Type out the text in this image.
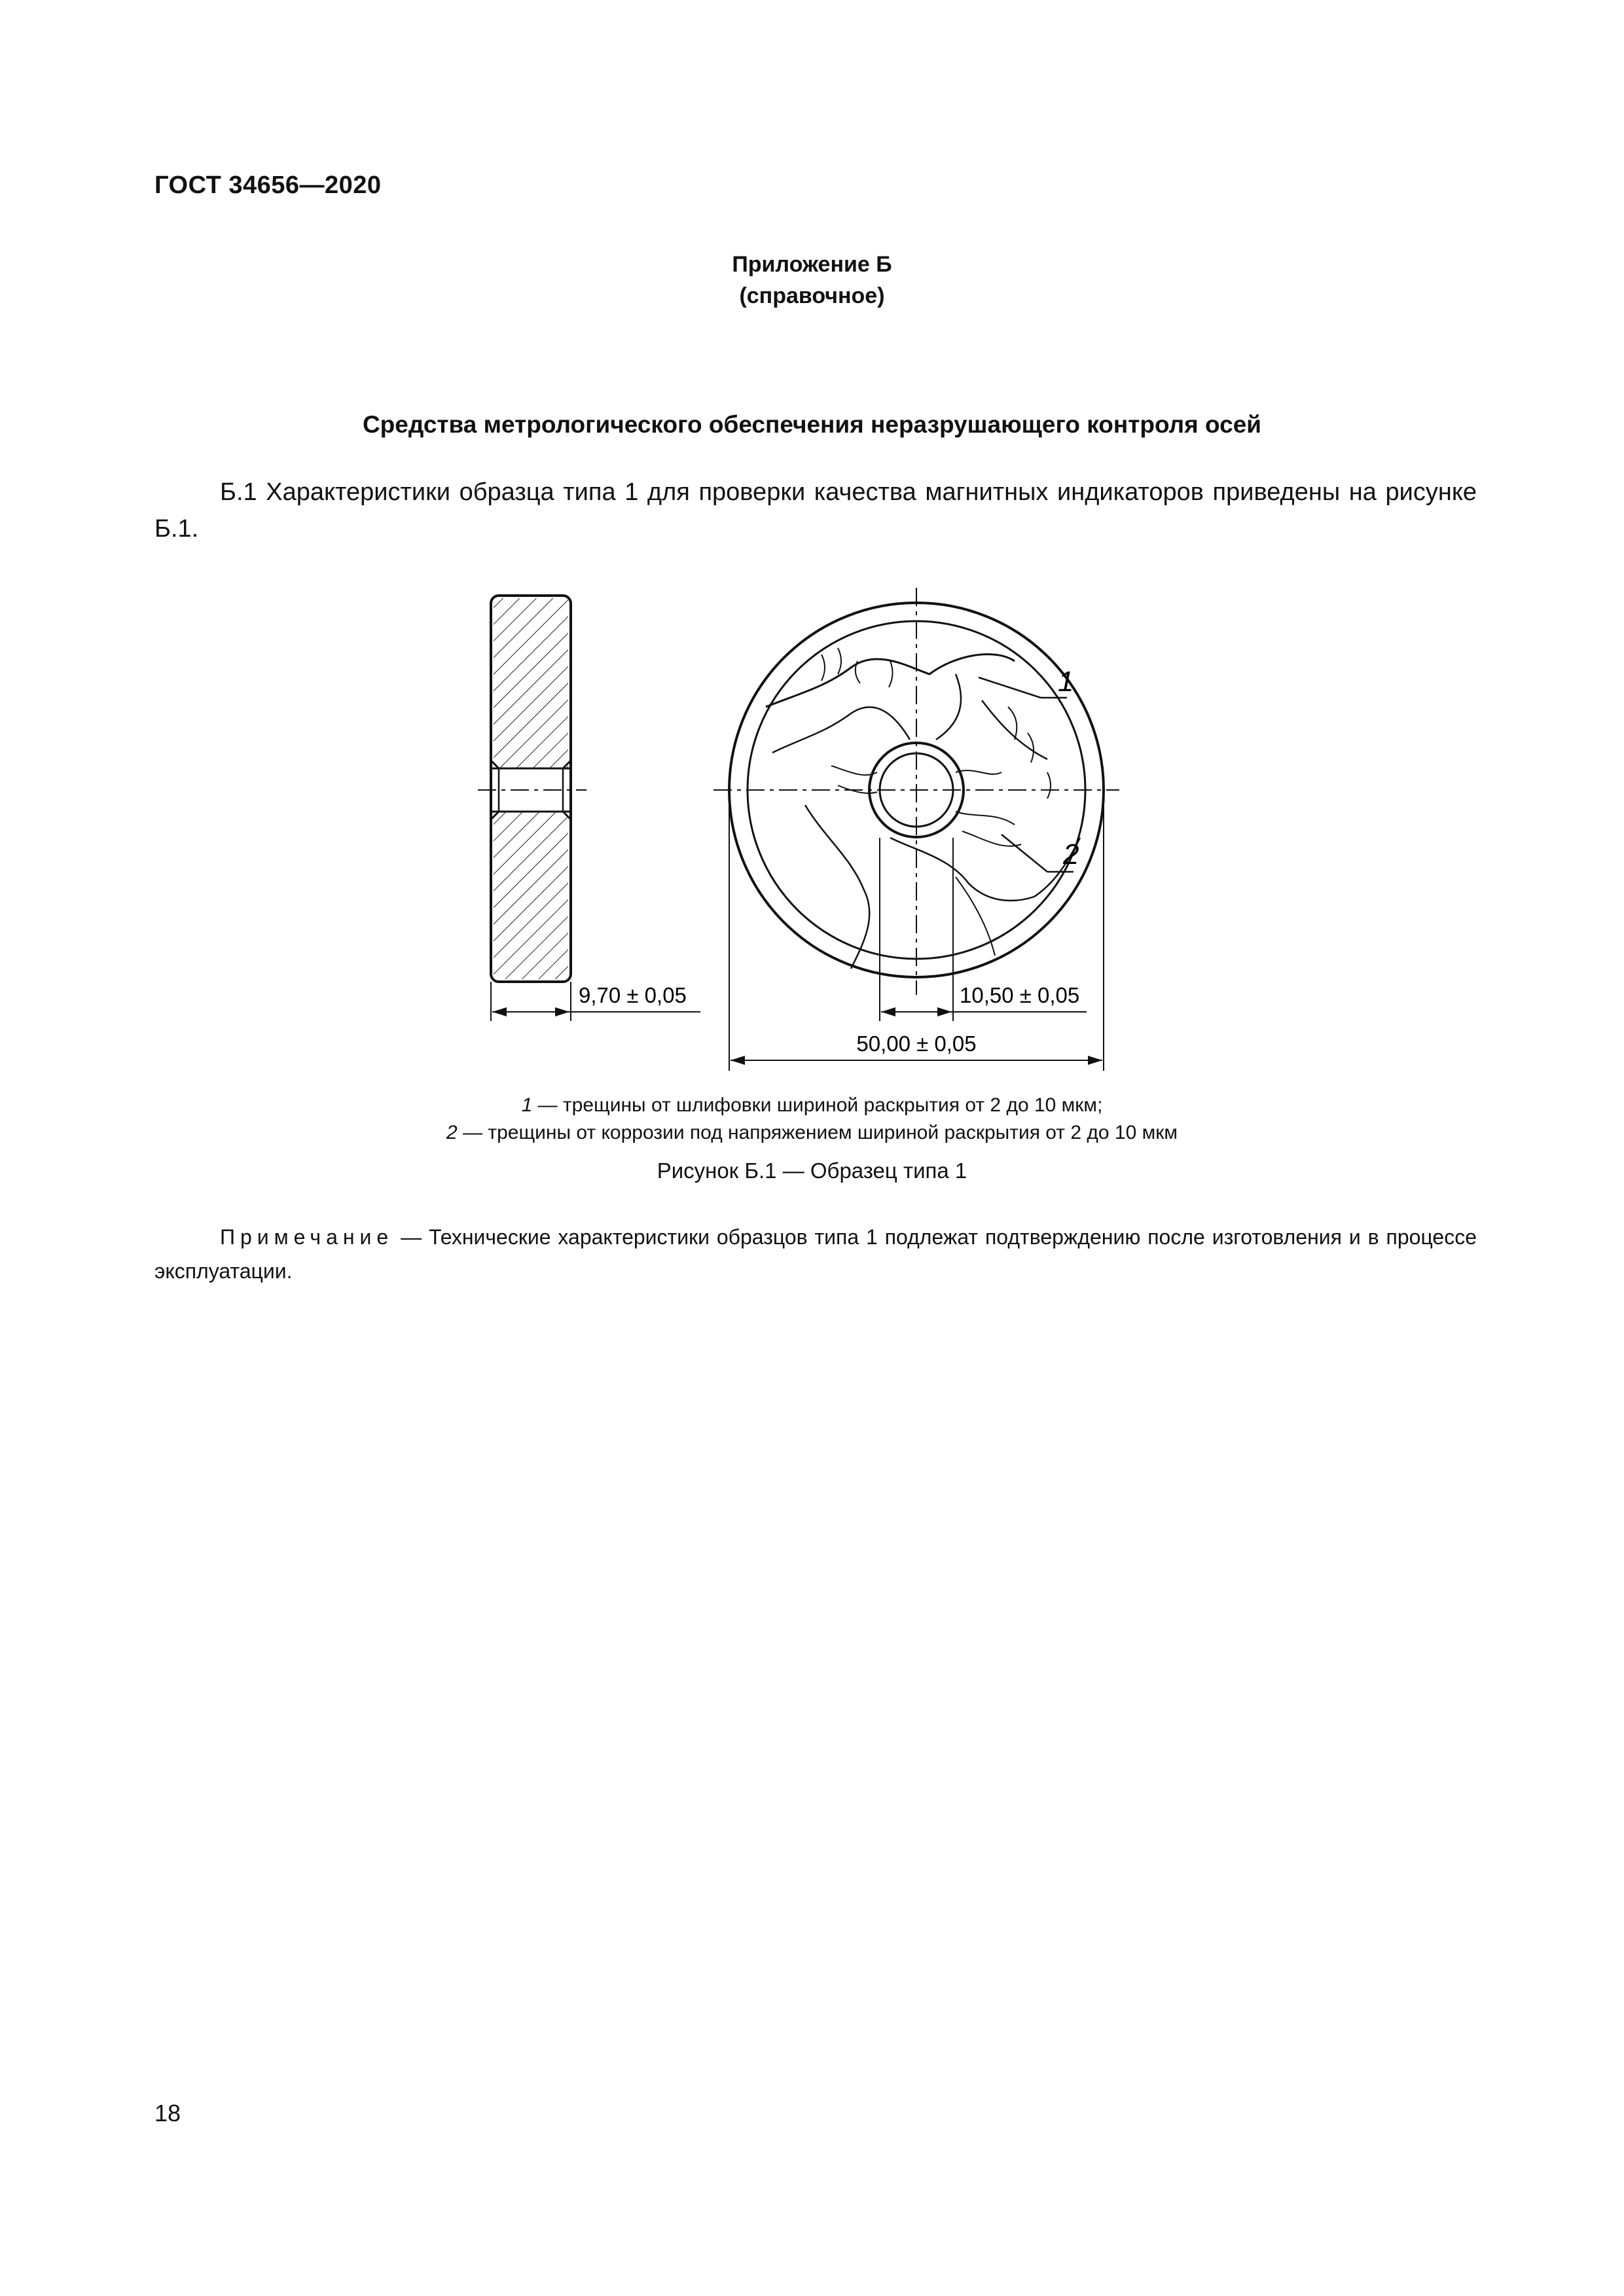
ГОСТ 34656—2020
Приложение Б
(справочное)
Средства метрологического обеспечения неразрушающего контроля осей
Б.1 Характеристики образца типа 1 для проверки качества магнитных индикаторов приведены на рисунке Б.1.
1
2
9,70 ± 0,05	10,50 ± 0,05
50,00 ± 0,05
1 — трещины от шлифовки шириной раскрытия от 2 до 10 мкм;
2 — трещины от коррозии под напряжением шириной раскрытия от 2 до 10 мкм
Рисунок Б.1 — Образец типа 1
Примечание — Технические характеристики образцов типа 1 подлежат подтверждению после изготовления и в процессе эксплуатации.
18
